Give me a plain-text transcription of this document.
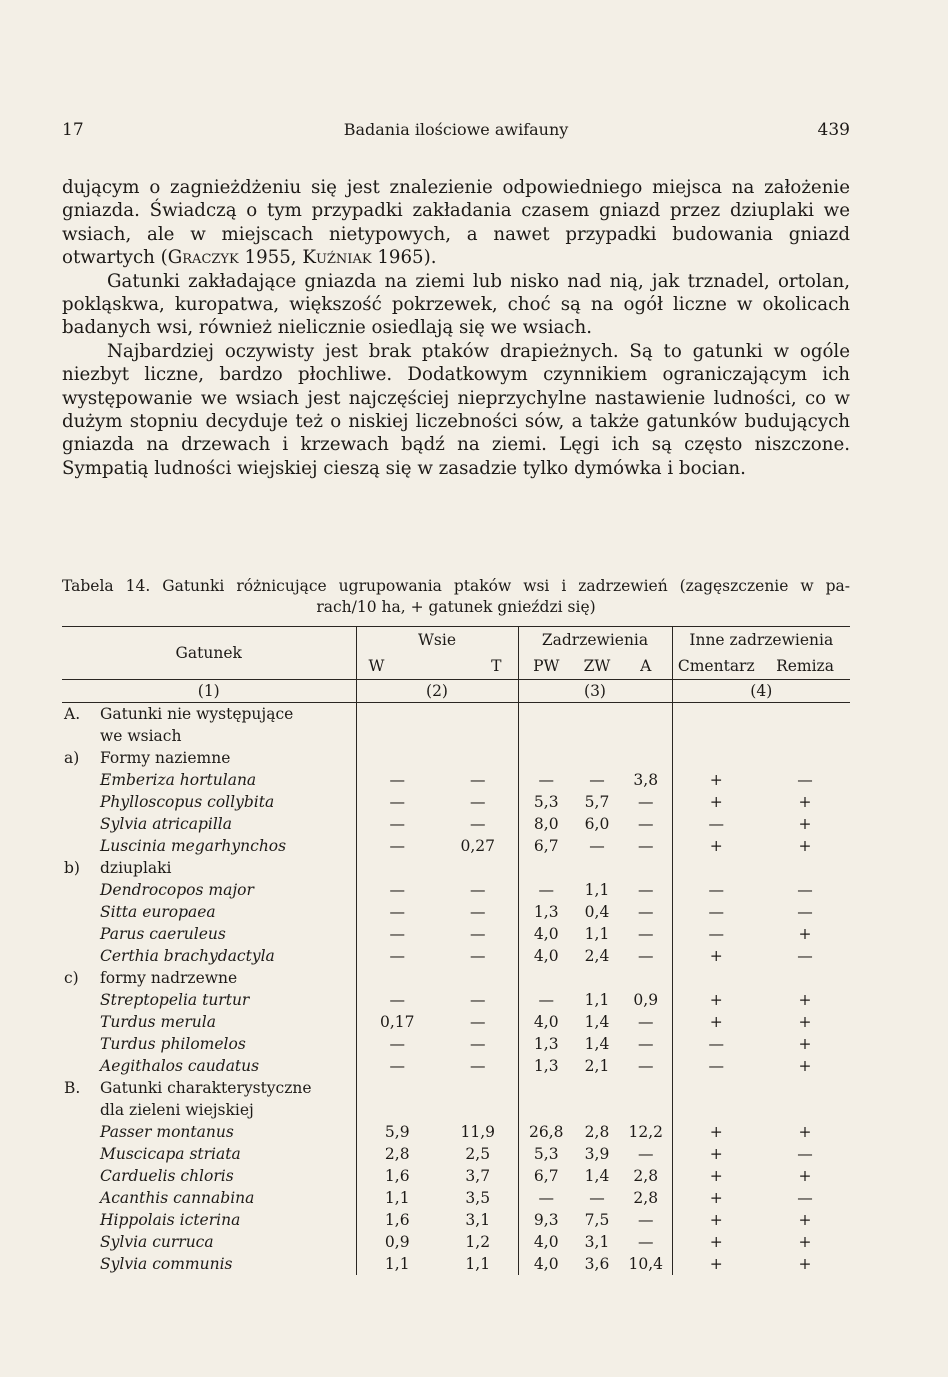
17	Badania ilościowe awifauny	439

dującym o zagnieżdżeniu się jest znalezienie odpowiedniego miejsca na założenie gniazda. Świadczą o tym przypadki zakładania czasem gniazd przez dziuplaki we wsiach, ale w miejscach nietypowych, a nawet przypadki budowania gniazd otwartych (Graczyk 1955, Kuźniak 1965).

Gatunki zakładające gniazda na ziemi lub nisko nad nią, jak trznadel, ortolan, pokląskwa, kuropatwa, większość pokrzewek, choć są na ogół liczne w okolicach badanych wsi, również nielicznie osiedlają się we wsiach.

Najbardziej oczywisty jest brak ptaków drapieżnych. Są to gatunki w ogóle niezbyt liczne, bardzo płochliwe. Dodatkowym czynnikiem ograniczającym ich występowanie we wsiach jest najczęściej nieprzychylne nastawienie ludności, co w dużym stopniu decyduje też o niskiej liczebności sów, a także gatunków budujących gniazda na drzewach i krzewach bądź na ziemi. Lęgi ich są często niszczone. Sympatią ludności wiejskiej cieszą się w zasadzie tylko dymówka i bocian.

Tabela 14. Gatunki różnicujące ugrupowania ptaków wsi i zadrzewień (zagęszczenie w pa-
rach/10 ha, + gatunek gnieździ się)
Gatunek	Wsie		Zadrzewienia			Inne zadrzewienia	
	W	T	PW	ZW	A	Cmentarz	Remiza
(1)	(2)		(3)			(4)	
A. Gatunki nie występujące							
we wsiach							
a) Formy naziemne							
Emberiza hortulana	—	—	—	—	3,8	+	—
Phylloscopus collybita	—	—	5,3	5,7	—	+	+
Sylvia atricapilla	—	—	8,0	6,0	—	—	+
Luscinia megarhynchos	—	0,27	6,7	—	—	+	+
b) dziuplaki							
Dendrocopos major	—	—	—	1,1	—	—	—
Sitta europaea	—	—	1,3	0,4	—	—	—
Parus caeruleus	—	—	4,0	1,1	—	—	+
Certhia brachydactyla	—	—	4,0	2,4	—	+	—
c) formy nadrzewne							
Streptopelia turtur	—	—	—	1,1	0,9	+	+
Turdus merula	0,17	—	4,0	1,4	—	+	+
Turdus philomelos	—	—	1,3	1,4	—	—	+
Aegithalos caudatus	—	—	1,3	2,1	—	—	+
B. Gatunki charakterystyczne							
dla zieleni wiejskiej							
Passer montanus	5,9	11,9	26,8	2,8	12,2	+	+
Muscicapa striata	2,8	2,5	5,3	3,9	—	+	—
Carduelis chloris	1,6	3,7	6,7	1,4	2,8	+	+
Acanthis cannabina	1,1	3,5	—	—	2,8	+	—
Hippolais icterina	1,6	3,1	9,3	7,5	—	+	+
Sylvia curruca	0,9	1,2	4,0	3,1	—	+	+
Sylvia communis	1,1	1,1	4,0	3,6	10,4	+	+
